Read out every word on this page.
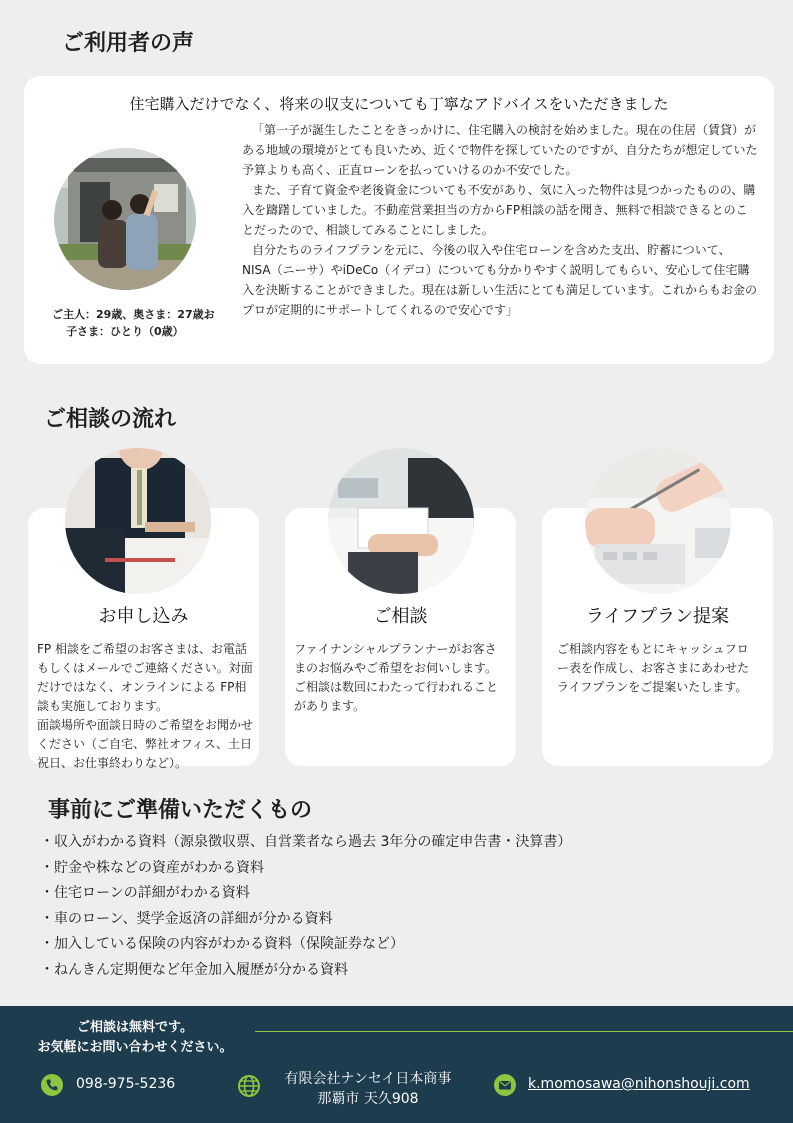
ご利用者の声
住宅購入だけでなく、将来の収支についても丁寧なアドバイスをいただきました
ご主人：29歳、奥さま：27歳お
子さま：ひとり（0歳）

「第一子が誕生したことをきっかけに、住宅購入の検討を始めました。現在の住居（賃貸）がある地域の環境がとても良いため、近くで物件を探していたのですが、自分たちが想定していた予算よりも高く、正直ローンを払っていけるのか不安でした。

また、子育て資金や老後資金についても不安があり、気に入った物件は見つかったものの、購入を躊躇していました。不動産営業担当の方からFP相談の話を聞き、無料で相談できるとのことだったので、相談してみることにしました。

自分たちのライフプランを元に、今後の収入や住宅ローンを含めた支出、貯蓄について、NISA（ニーサ）やiDeCo（イデコ）についても分かりやすく説明してもらい、安心して住宅購入を決断することができました。現在は新しい生活にとても満足しています。これからもお金のプロが定期的にサポートしてくれるので安心です」

ご相談の流れ
お申し込み	ご相談	ライフプラン提案

FP 相談をご希望のお客さまは、お電話もしくはメールでご連絡ください。対面だけではなく、オンラインによる FP相談も実施しております。

面談場所や面談日時のご希望をお聞かせください（ご自宅、弊社オフィス、土日祝日、お仕事終わりなど）。

ファイナンシャルプランナーがお客さまのお悩みやご希望をお伺いします。

ご相談は数回にわたって行われることがあります。

ご相談内容をもとにキャッシュフロー表を作成し、お客さまにあわせたライフプランをご提案いたします。

事前にご準備いただくもの
・収入がわかる資料（源泉徴収票、自営業者なら過去 3年分の確定申告書・決算書）
・貯金や株などの資産がわかる資料
・住宅ローンの詳細がわかる資料
・車のローン、奨学金返済の詳細が分かる資料
・加入している保険の内容がわかる資料（保険証券など）
・ねんきん定期便など年金加入履歴が分かる資料
ご相談は無料です。
お気軽にお問い合わせください。
098-975-5236	有限会社ナンセイ日本商事
那覇市 天久908
k.momosawa@nihonshouji.com
